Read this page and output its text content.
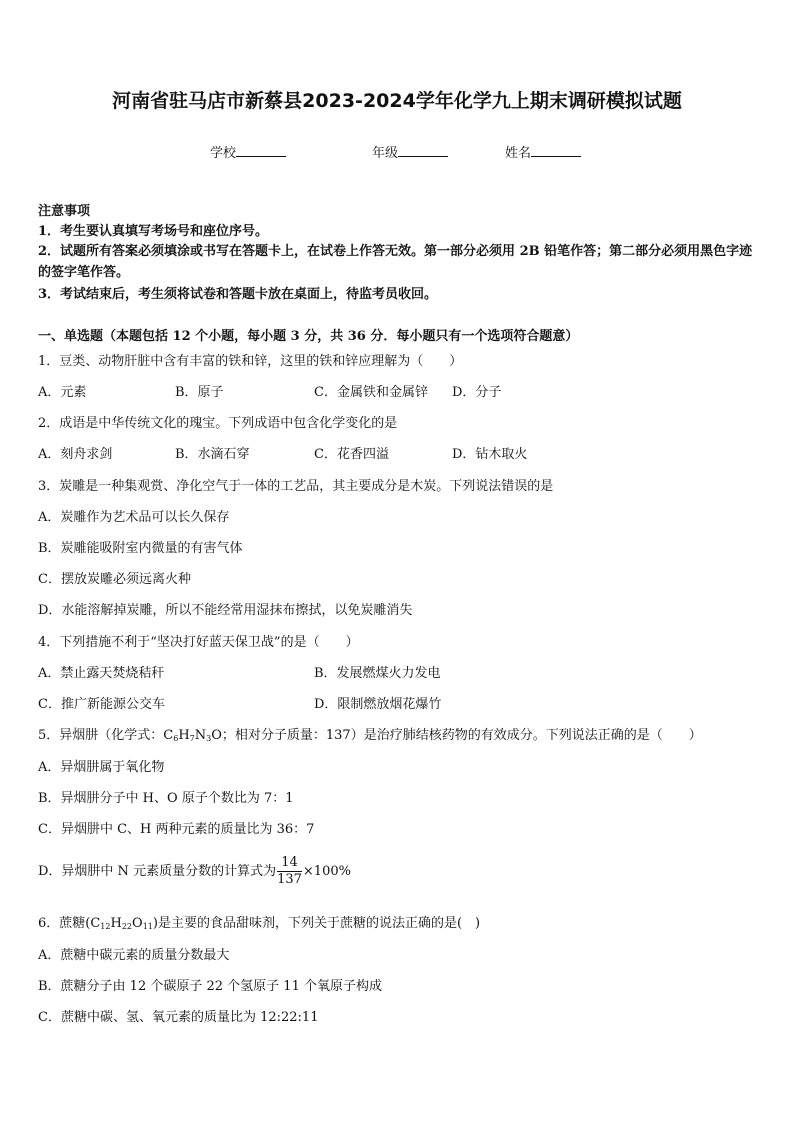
河南省驻马店市新蔡县2023-2024学年化学九上期末调研模拟试题
学校	年级	姓名
注意事项
1．考生要认真填写考场号和座位序号。
2．试题所有答案必须填涂或书写在答题卡上，在试卷上作答无效。第一部分必须用 2B 铅笔作答；第二部分必须用黑色字迹的签字笔作答。
3．考试结束后，考生须将试卷和答题卡放在桌面上，待监考员收回。
一、单选题（本题包括 12 个小题，每小题 3 分，共 36 分．每小题只有一个选项符合题意）
1．豆类、动物肝脏中含有丰富的铁和锌，这里的铁和锌应理解为（　　）
A．元素	B．原子	C．金属铁和金属锌 D．分子
2．成语是中华传统文化的瑰宝。下列成语中包含化学变化的是
A．刻舟求剑	B．水滴石穿	C．花香四溢	D．钻木取火
3．炭雕是一种集观赏、净化空气于一体的工艺品，其主要成分是木炭。下列说法错误的是
A．炭雕作为艺术品可以长久保存
B．炭雕能吸附室内微量的有害气体
C．摆放炭雕必须远离火种
D．水能溶解掉炭雕，所以不能经常用湿抹布擦拭，以免炭雕消失
4．下列措施不利于“坚决打好蓝天保卫战”的是（　　）
A．禁止露天焚烧秸秆	B．发展燃煤火力发电
C．推广新能源公交车	D．限制燃放烟花爆竹
5．异烟肼（化学式：$C_6H_7N_3O$；相对分子质量：137）是治疗肺结核药物的有效成分。下列说法正确的是（　　）
A．异烟肼属于氧化物
B．异烟肼分子中 H、O 原子个数比为 7：1
C．异烟肼中 C、H 两种元素的质量比为 36：7
D．异烟肼中 N 元素质量分数的计算式为 $\frac{14}{137} \times 100\%$
6．蔗糖$(C_{12}H_{22}O_{11})$是主要的食品甜味剂，下列关于蔗糖的说法正确的是(　)
A．蔗糖中碳元素的质量分数最大
B．蔗糖分子由 12 个碳原子 22 个氢原子 11 个氧原子构成
C．蔗糖中碳、氢、氧元素的质量比为 12:22:11
